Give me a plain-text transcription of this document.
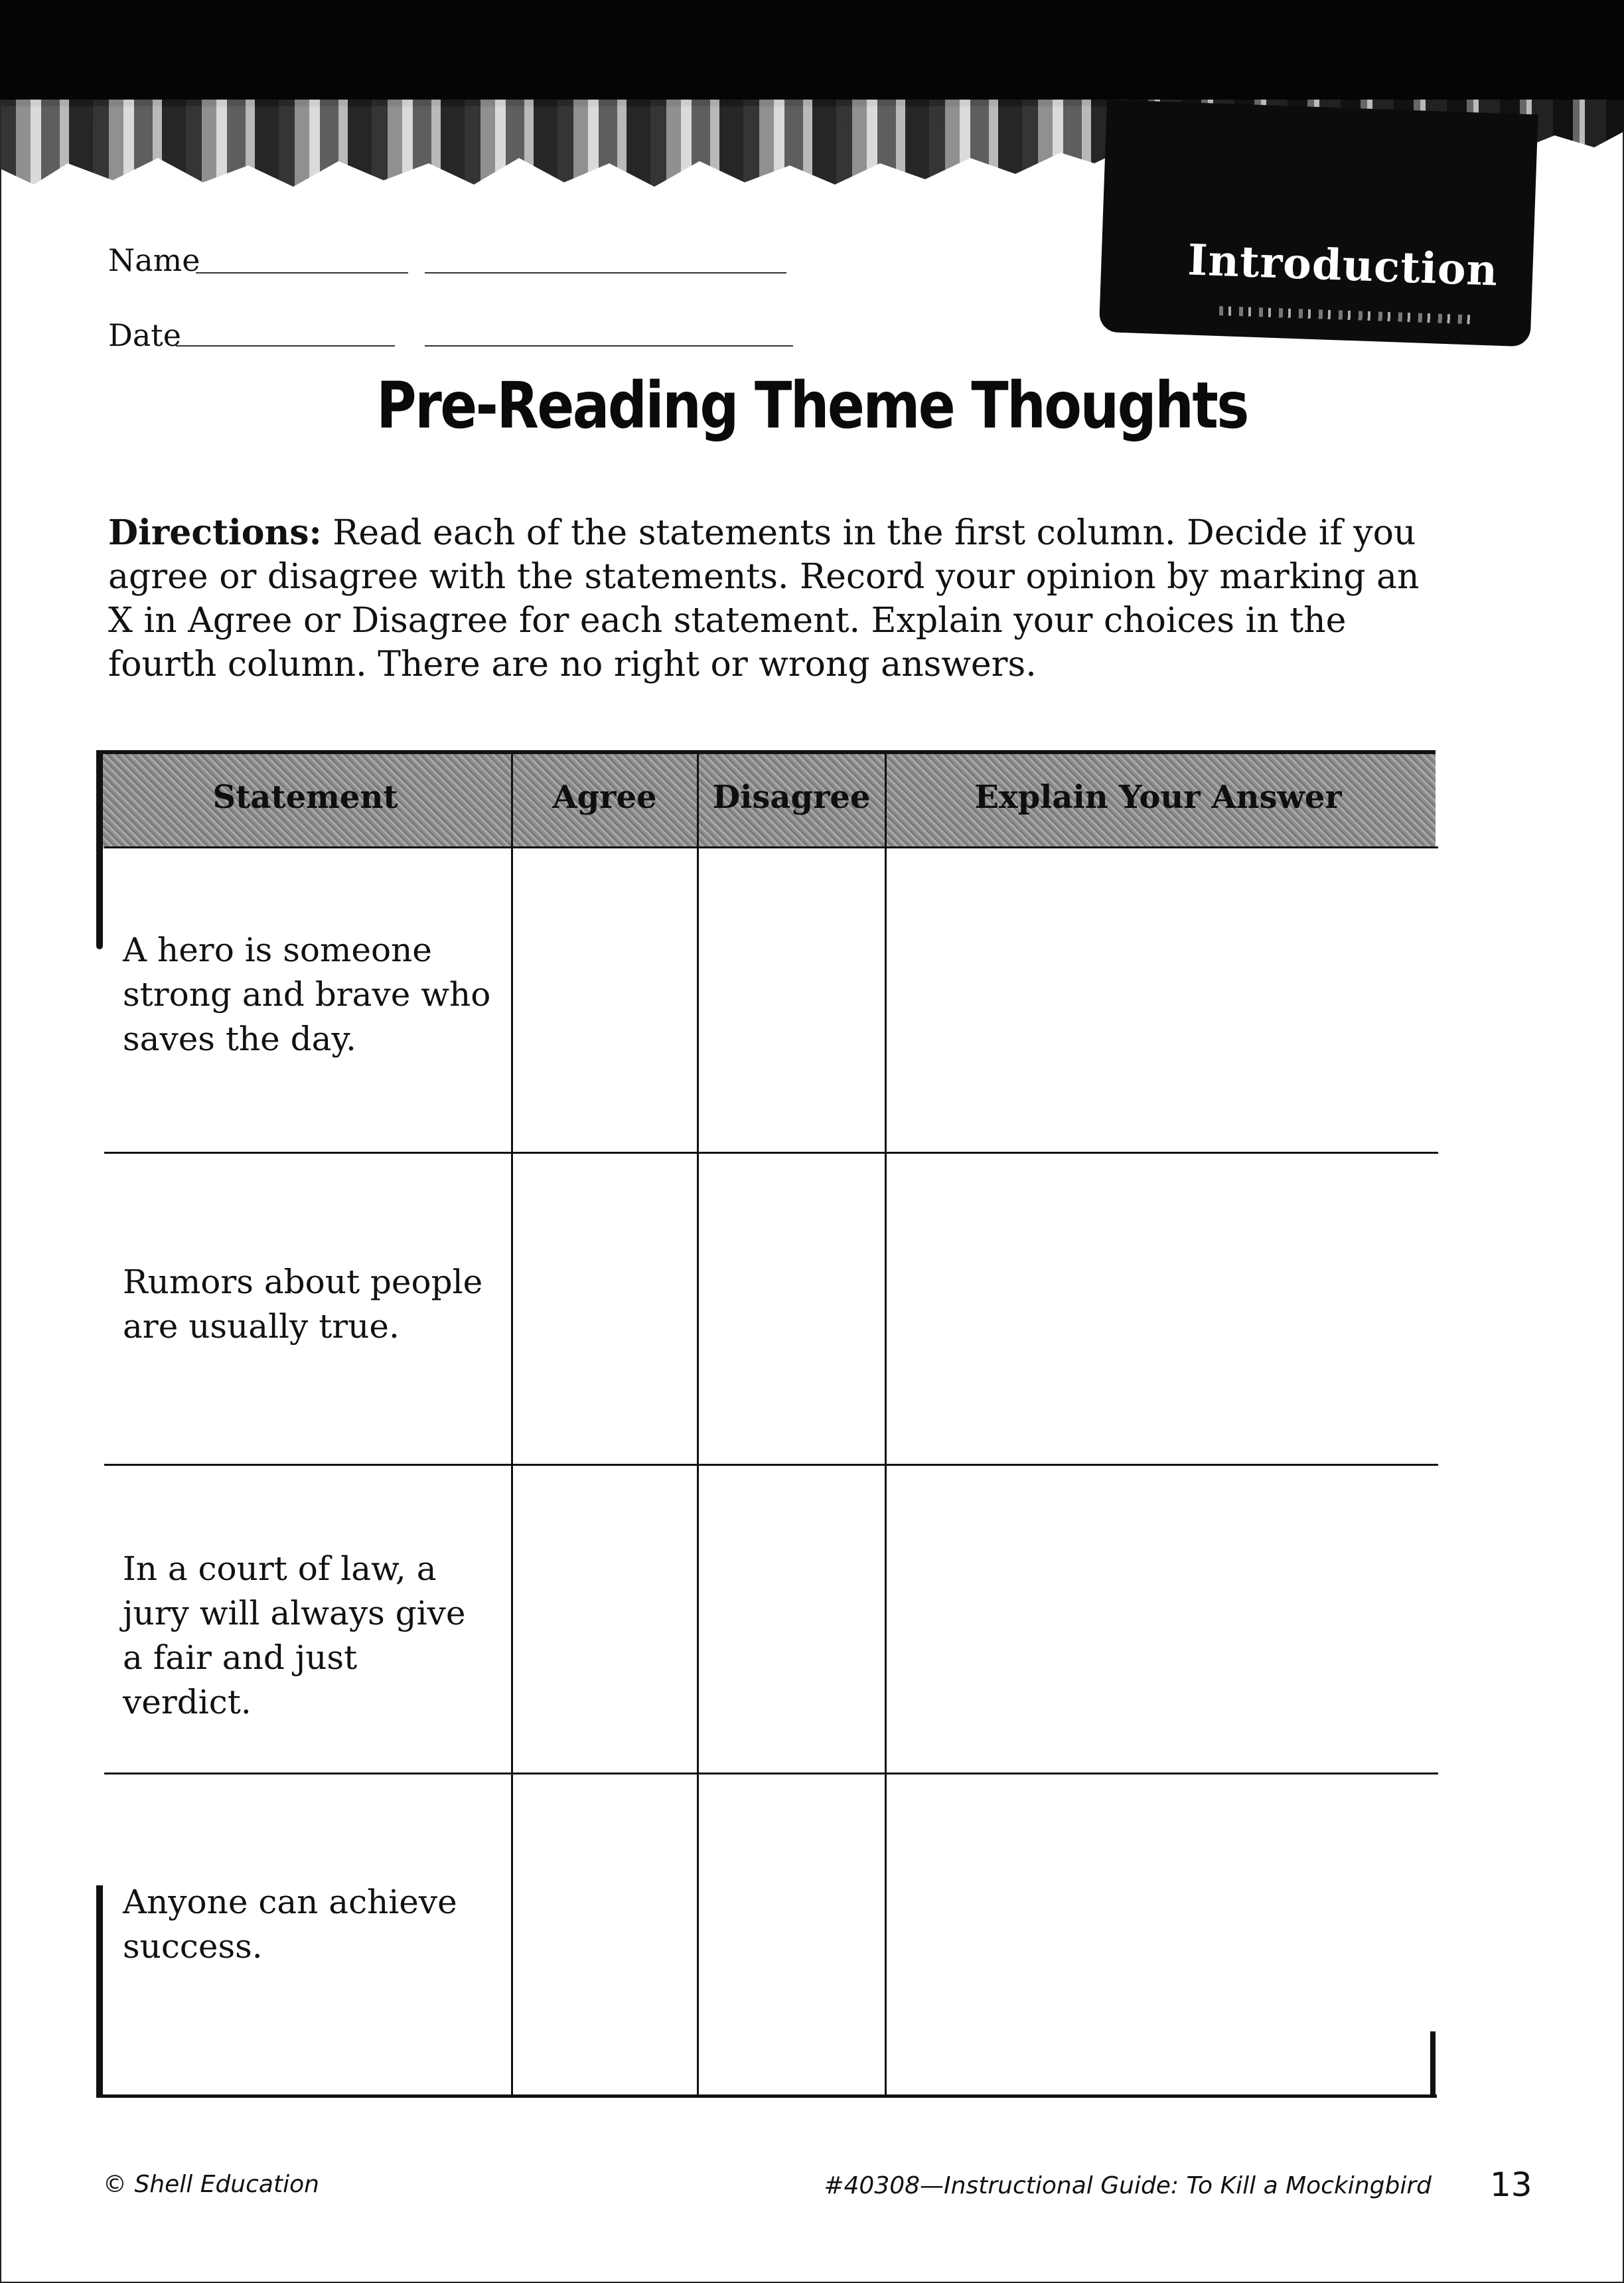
Introduction
Name
Date
Pre-Reading Theme Thoughts
Directions: Read each of the statements in the first column. Decide if you agree or disagree with the statements. Record your opinion by marking an X in Agree or Disagree for each statement. Explain your choices in the fourth column. There are no right or wrong answers.
Statement	Agree	Disagree	Explain Your Answer
A hero is someone strong and brave who saves the day.
Rumors about people are usually true.
In a court of law, a jury will always give a fair and just verdict.
Anyone can achieve success.
© Shell Education	#40308—Instructional Guide: To Kill a Mockingbird 13
